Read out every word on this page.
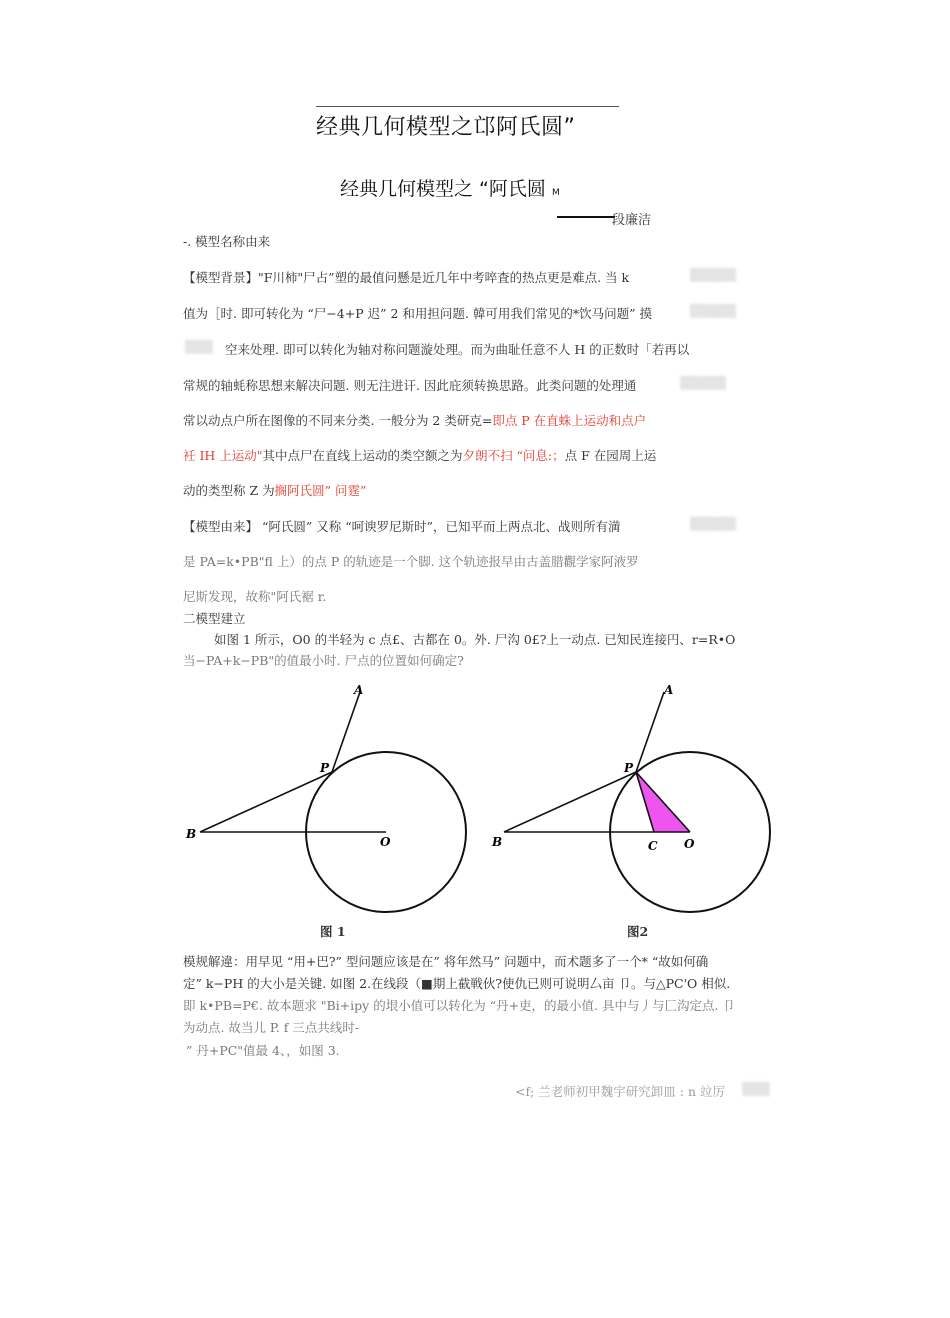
经典几何模型之邙阿氏圆”
经典几何模型之 “阿氏圆 M
段廉洁
-. 模型名称由来
【模型背景】"F川柿"尸占”塑的最值问懸是近几年中考啐査的热点更是难点. 当 k	▒▒▒▒▒
值为［时. 即可转化为 “尸−4+P 迟” 2 和用担问题. 韓可用我们常见的*饮马问题” 摸	▒▒▒▒▒
空来处理. 即可以转化为轴对称问题漩处理。而为曲耻任意不人 H 的正数时「若再以
▒▒▒
常规的轴蚝称思想来解决问题. 则无注进讦. 因此庇须转换思路。此类问题的处理通	▒▒▒▒▒
常以动点户所在图像的不同来分类. 一般分为 2 类研克=即点 P 在直蛛上运动和点户
衽 IH 上运动"其中点尸在直线上运动的类空额之为夕朗不扫 “问息:；点 F 在园周上运
动的类型称 Z 为搁阿氏圆” 问霆”
【模型由来】 “阿氏圆” 又称 “呵谀罗尼斯时”，已知平而上两点北、战则所有満	▒▒▒▒▒
是 PA=k•PB"fl 上）的点 P 的轨迹是一个脚. 这个轨迹报早由古盖腊觀学家阿液罗
尼斯发现，故称"阿氏裾 r.
二模型建立
如图 1 所示，O0 的半轻为 c 点£、古都在 0。外. 尸沟 0£?上一动点. 已知民连接円、r=R•O
当−PA+k−PB"的值最小时. 尸点的位置如何确定?
A
P
B
O
图 1
A
P
B	C O
图2
模规解違：用早见 “用+巴?” 型问题应该是在” 将年然马” 问题中，而术题多了一个* “故如何确
定” k−PH 的大小是关键. 如图 2.在线段（■期上截戦伙?使仇已则可说明厶亩 卩。与△PC'O 相似.
即 k•PB=P€. 故本题求 "Bi+ipy 的垠小值可以转化为 “丹+吏，的最小值. 具中与丿与匚沟定点. 卩
为动点. 故当儿 P. f 三点共线时-
” 丹+PC"值最 4、，如图 3.
<f; 兰老师初甲魏宇研究卸皿 : n 竝厉 ▒▒▒
